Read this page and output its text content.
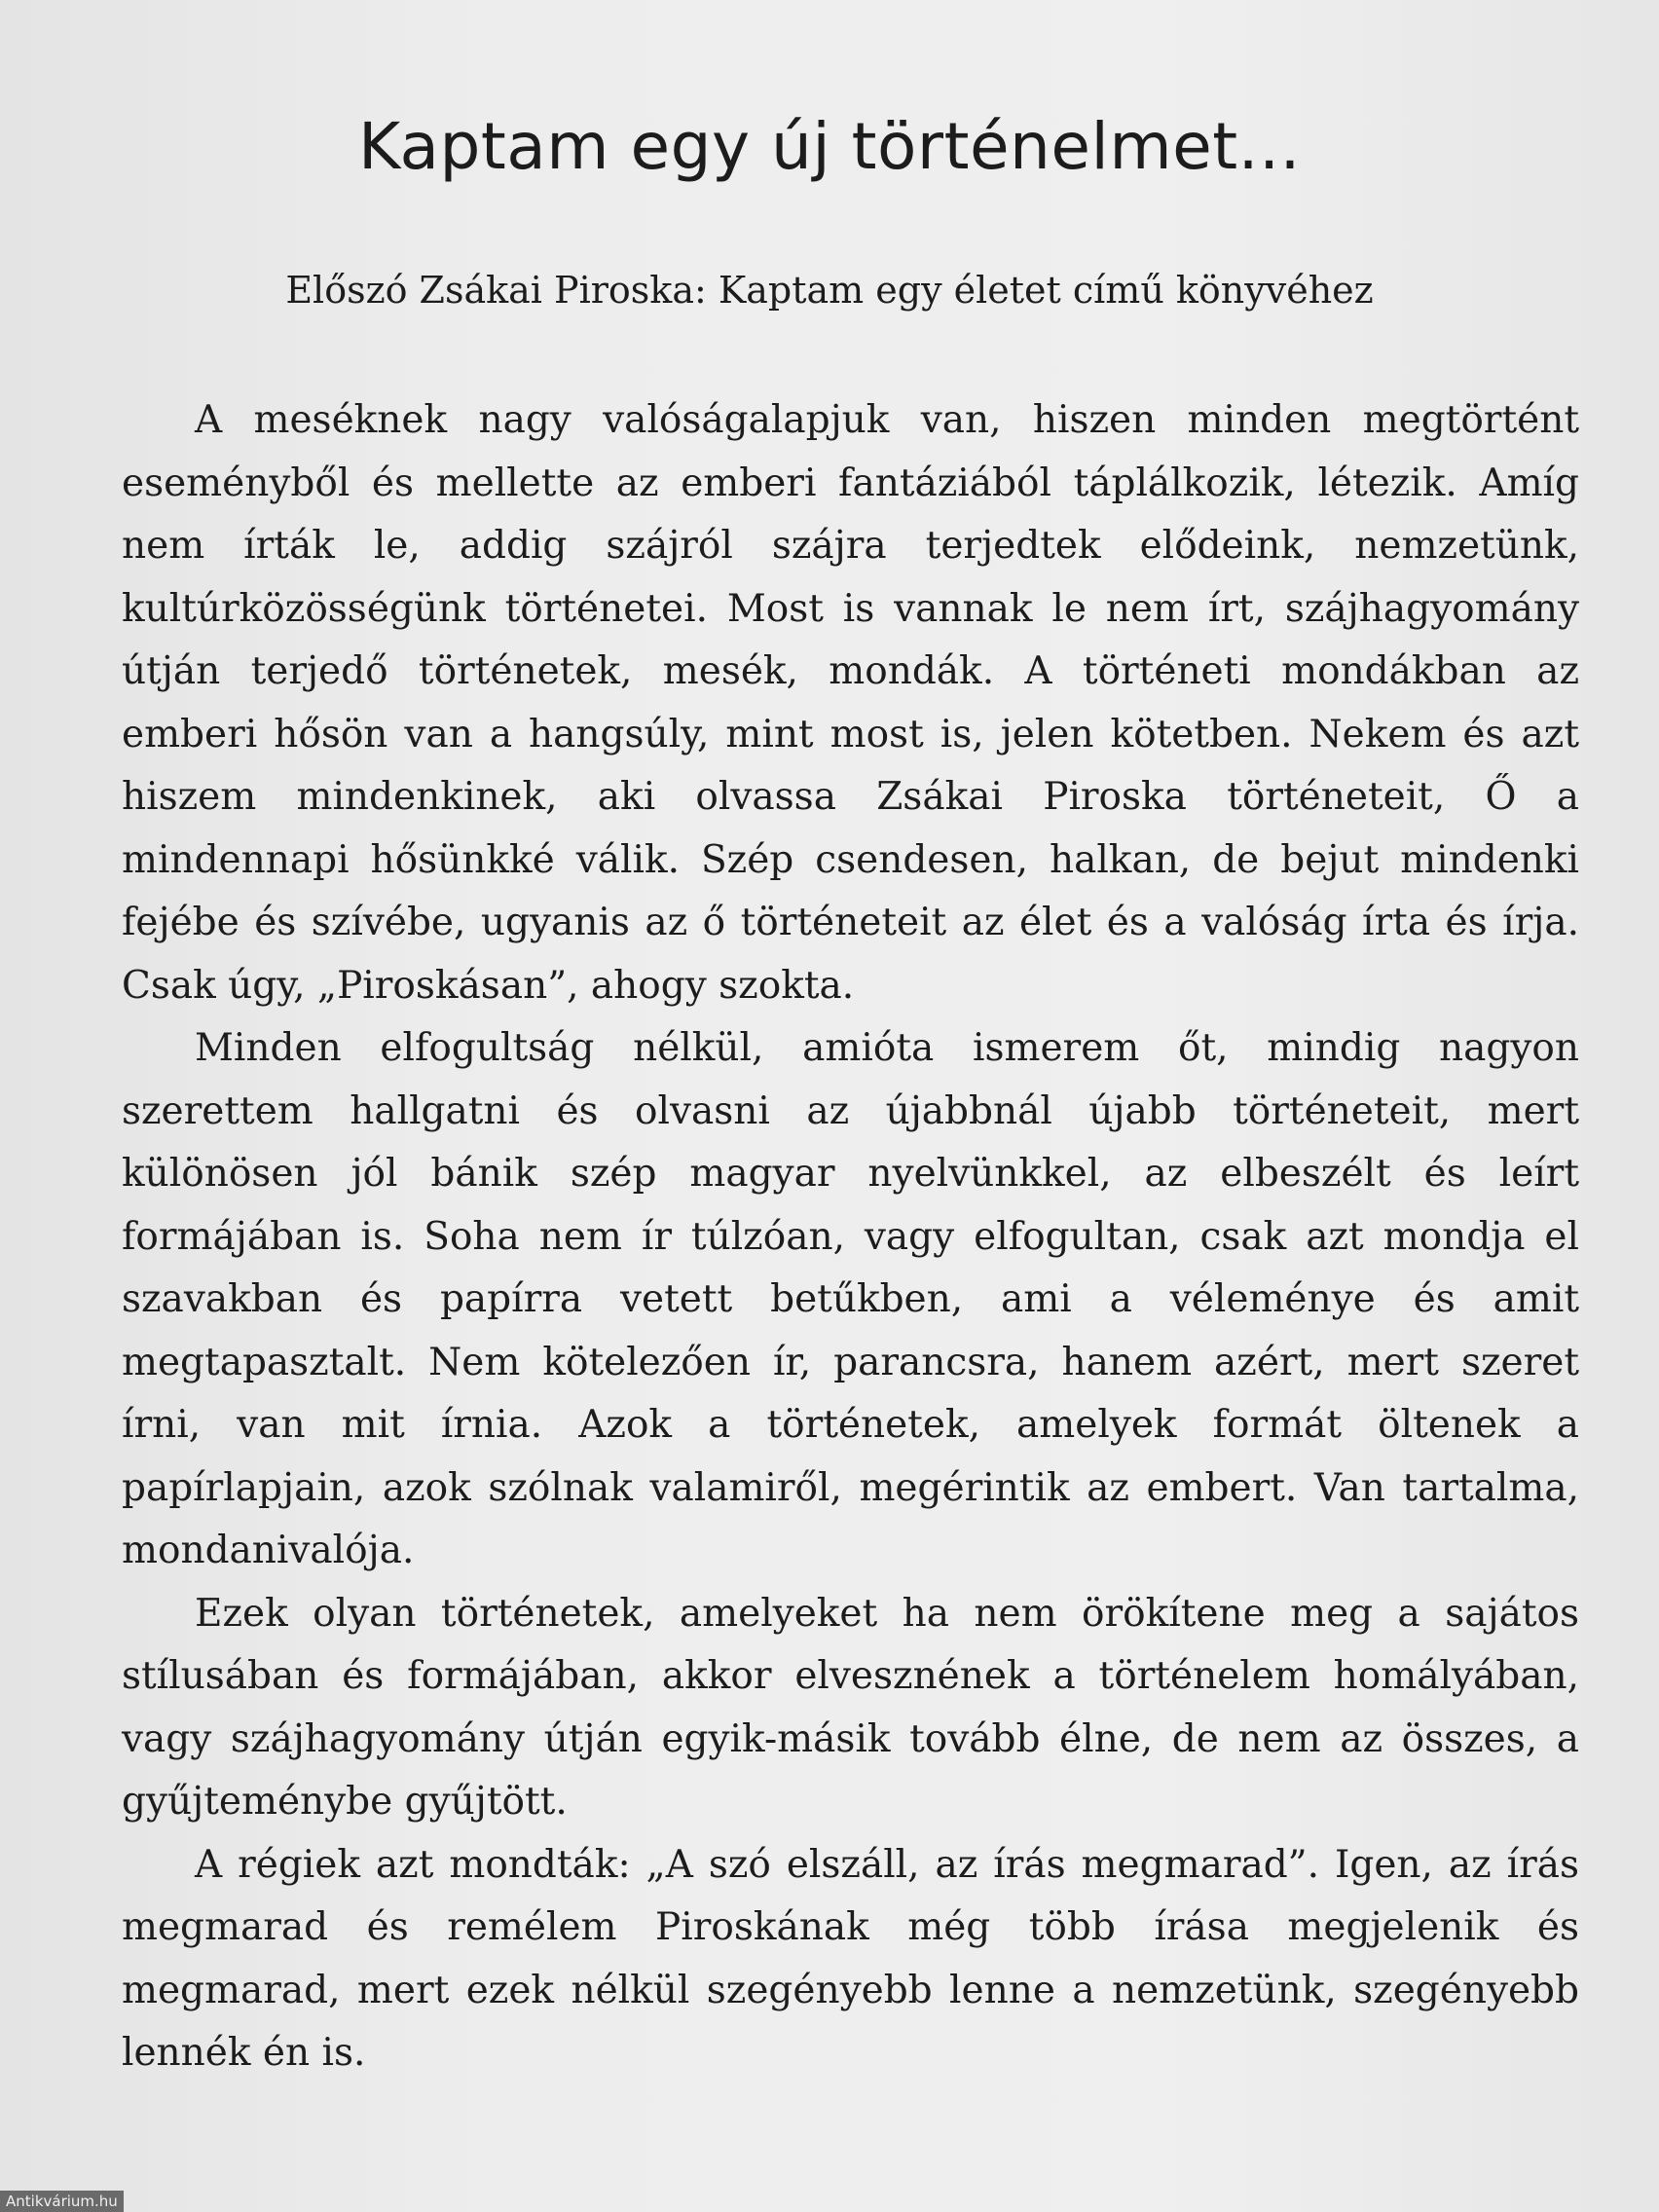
Kaptam egy új történelmet...
Előszó Zsákai Piroska: Kaptam egy életet című könyvéhez

A meséknek nagy valóságalapjuk van, hiszen minden megtörtént eseményből és mellette az emberi fantáziából táplálkozik, létezik. Amíg nem írták le, addig szájról szájra terjedtek elődeink, nemzetünk, kultúrközösségünk történetei. Most is vannak le nem írt, szájhagyomány útján terjedő történetek, mesék, mondák. A történeti mondákban az emberi hősön van a hangsúly, mint most is, jelen kötetben. Nekem és azt hiszem mindenkinek, aki olvassa Zsákai Piroska történeteit, Ő a mindennapi hősünkké válik. Szép csendesen, halkan, de bejut mindenki fejébe és szívébe, ugyanis az ő történeteit az élet és a valóság írta és írja. Csak úgy, „Piroskásan”, ahogy szokta.

Minden elfogultság nélkül, amióta ismerem őt, mindig nagyon szerettem hallgatni és olvasni az újabbnál újabb történeteit, mert különösen jól bánik szép magyar nyelvünkkel, az elbeszélt és leírt formájában is. Soha nem ír túlzóan, vagy elfogultan, csak azt mondja el szavakban és papírra vetett betűkben, ami a véleménye és amit megtapasztalt. Nem kötelezően ír, parancsra, hanem azért, mert szeret írni, van mit írnia. Azok a történetek, amelyek formát öltenek a papírlapjain, azok szólnak valamiről, megérintik az embert. Van tartalma, mondanivalója.

Ezek olyan történetek, amelyeket ha nem örökítene meg a sajátos stílusában és formájában, akkor elvesznének a történelem homályában, vagy szájhagyomány útján egyik-másik tovább élne, de nem az összes, a gyűjteménybe gyűjtött.

A régiek azt mondták: „A szó elszáll, az írás megmarad”. Igen, az írás megmarad és remélem Piroskának még több írása megjelenik és megmarad, mert ezek nélkül szegényebb lenne a nemzetünk, szegényebb lennék én is.

Antikvárium.hu
